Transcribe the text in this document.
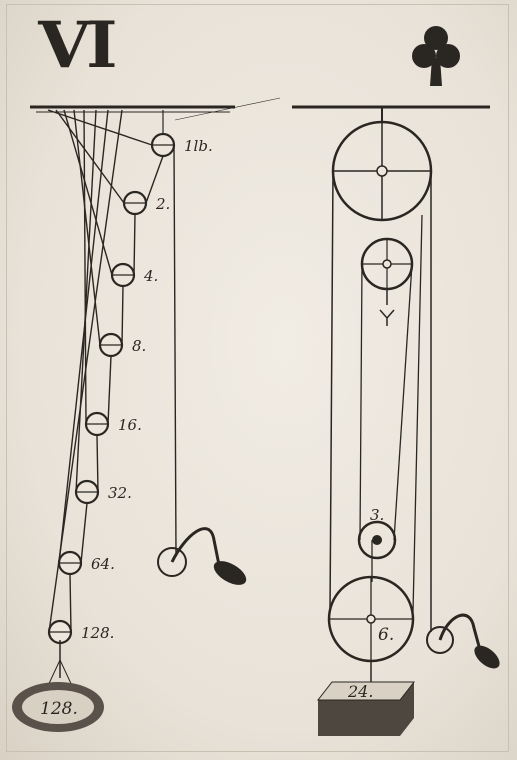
VI
1lb.
2.
4.
8.
16.
32.
64.
128.
128.
3.
6.
24.
